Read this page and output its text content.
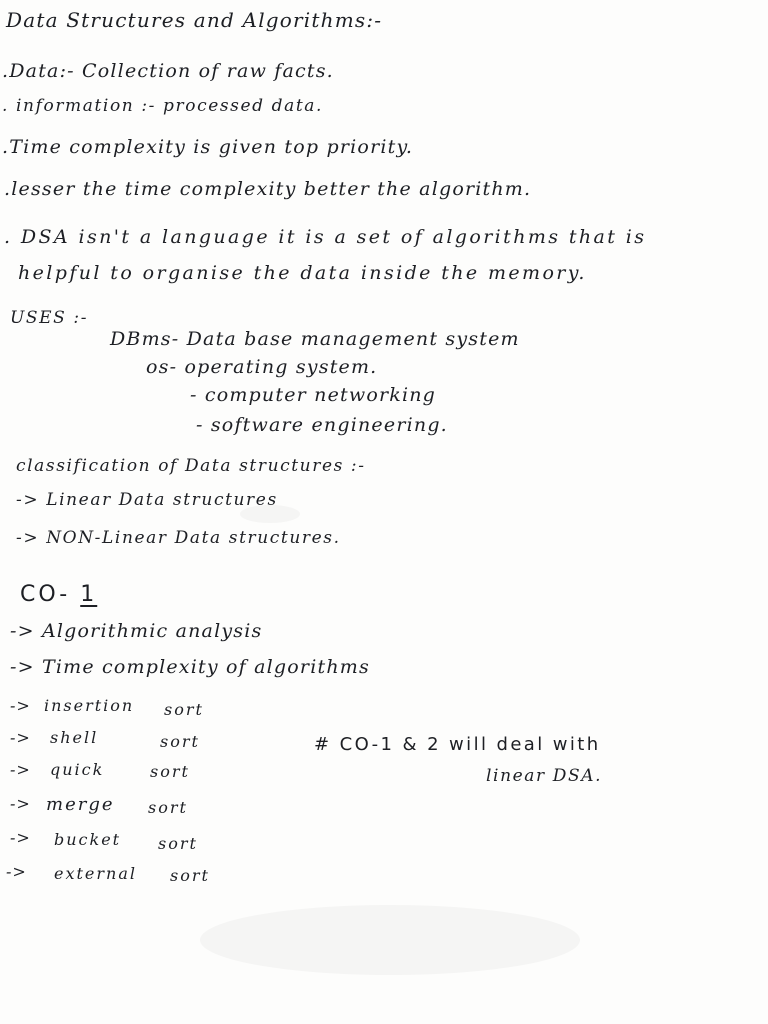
Data Structures and Algorithms:-
.Data:- Collection of raw facts.
. information :- processed data.
.Time complexity is given top priority.
.lesser the time complexity better the algorithm.
. DSA isn't a language it is a set of algorithms that is
helpful to organise the data inside the memory.
USES :-
DBms- Data base management system
os- operating system.
- computer networking
- software engineering.
classification of Data structures :-
-> Linear Data structures
-> NON-Linear Data structures.
CO- 1
-> Algorithmic analysis
-> Time complexity of algorithms
-> insertion sort
-> shell	sort
-> quick	sort
-> merge sort
-> bucket sort
-> external sort
# CO-1 & 2 will deal with
linear DSA.
